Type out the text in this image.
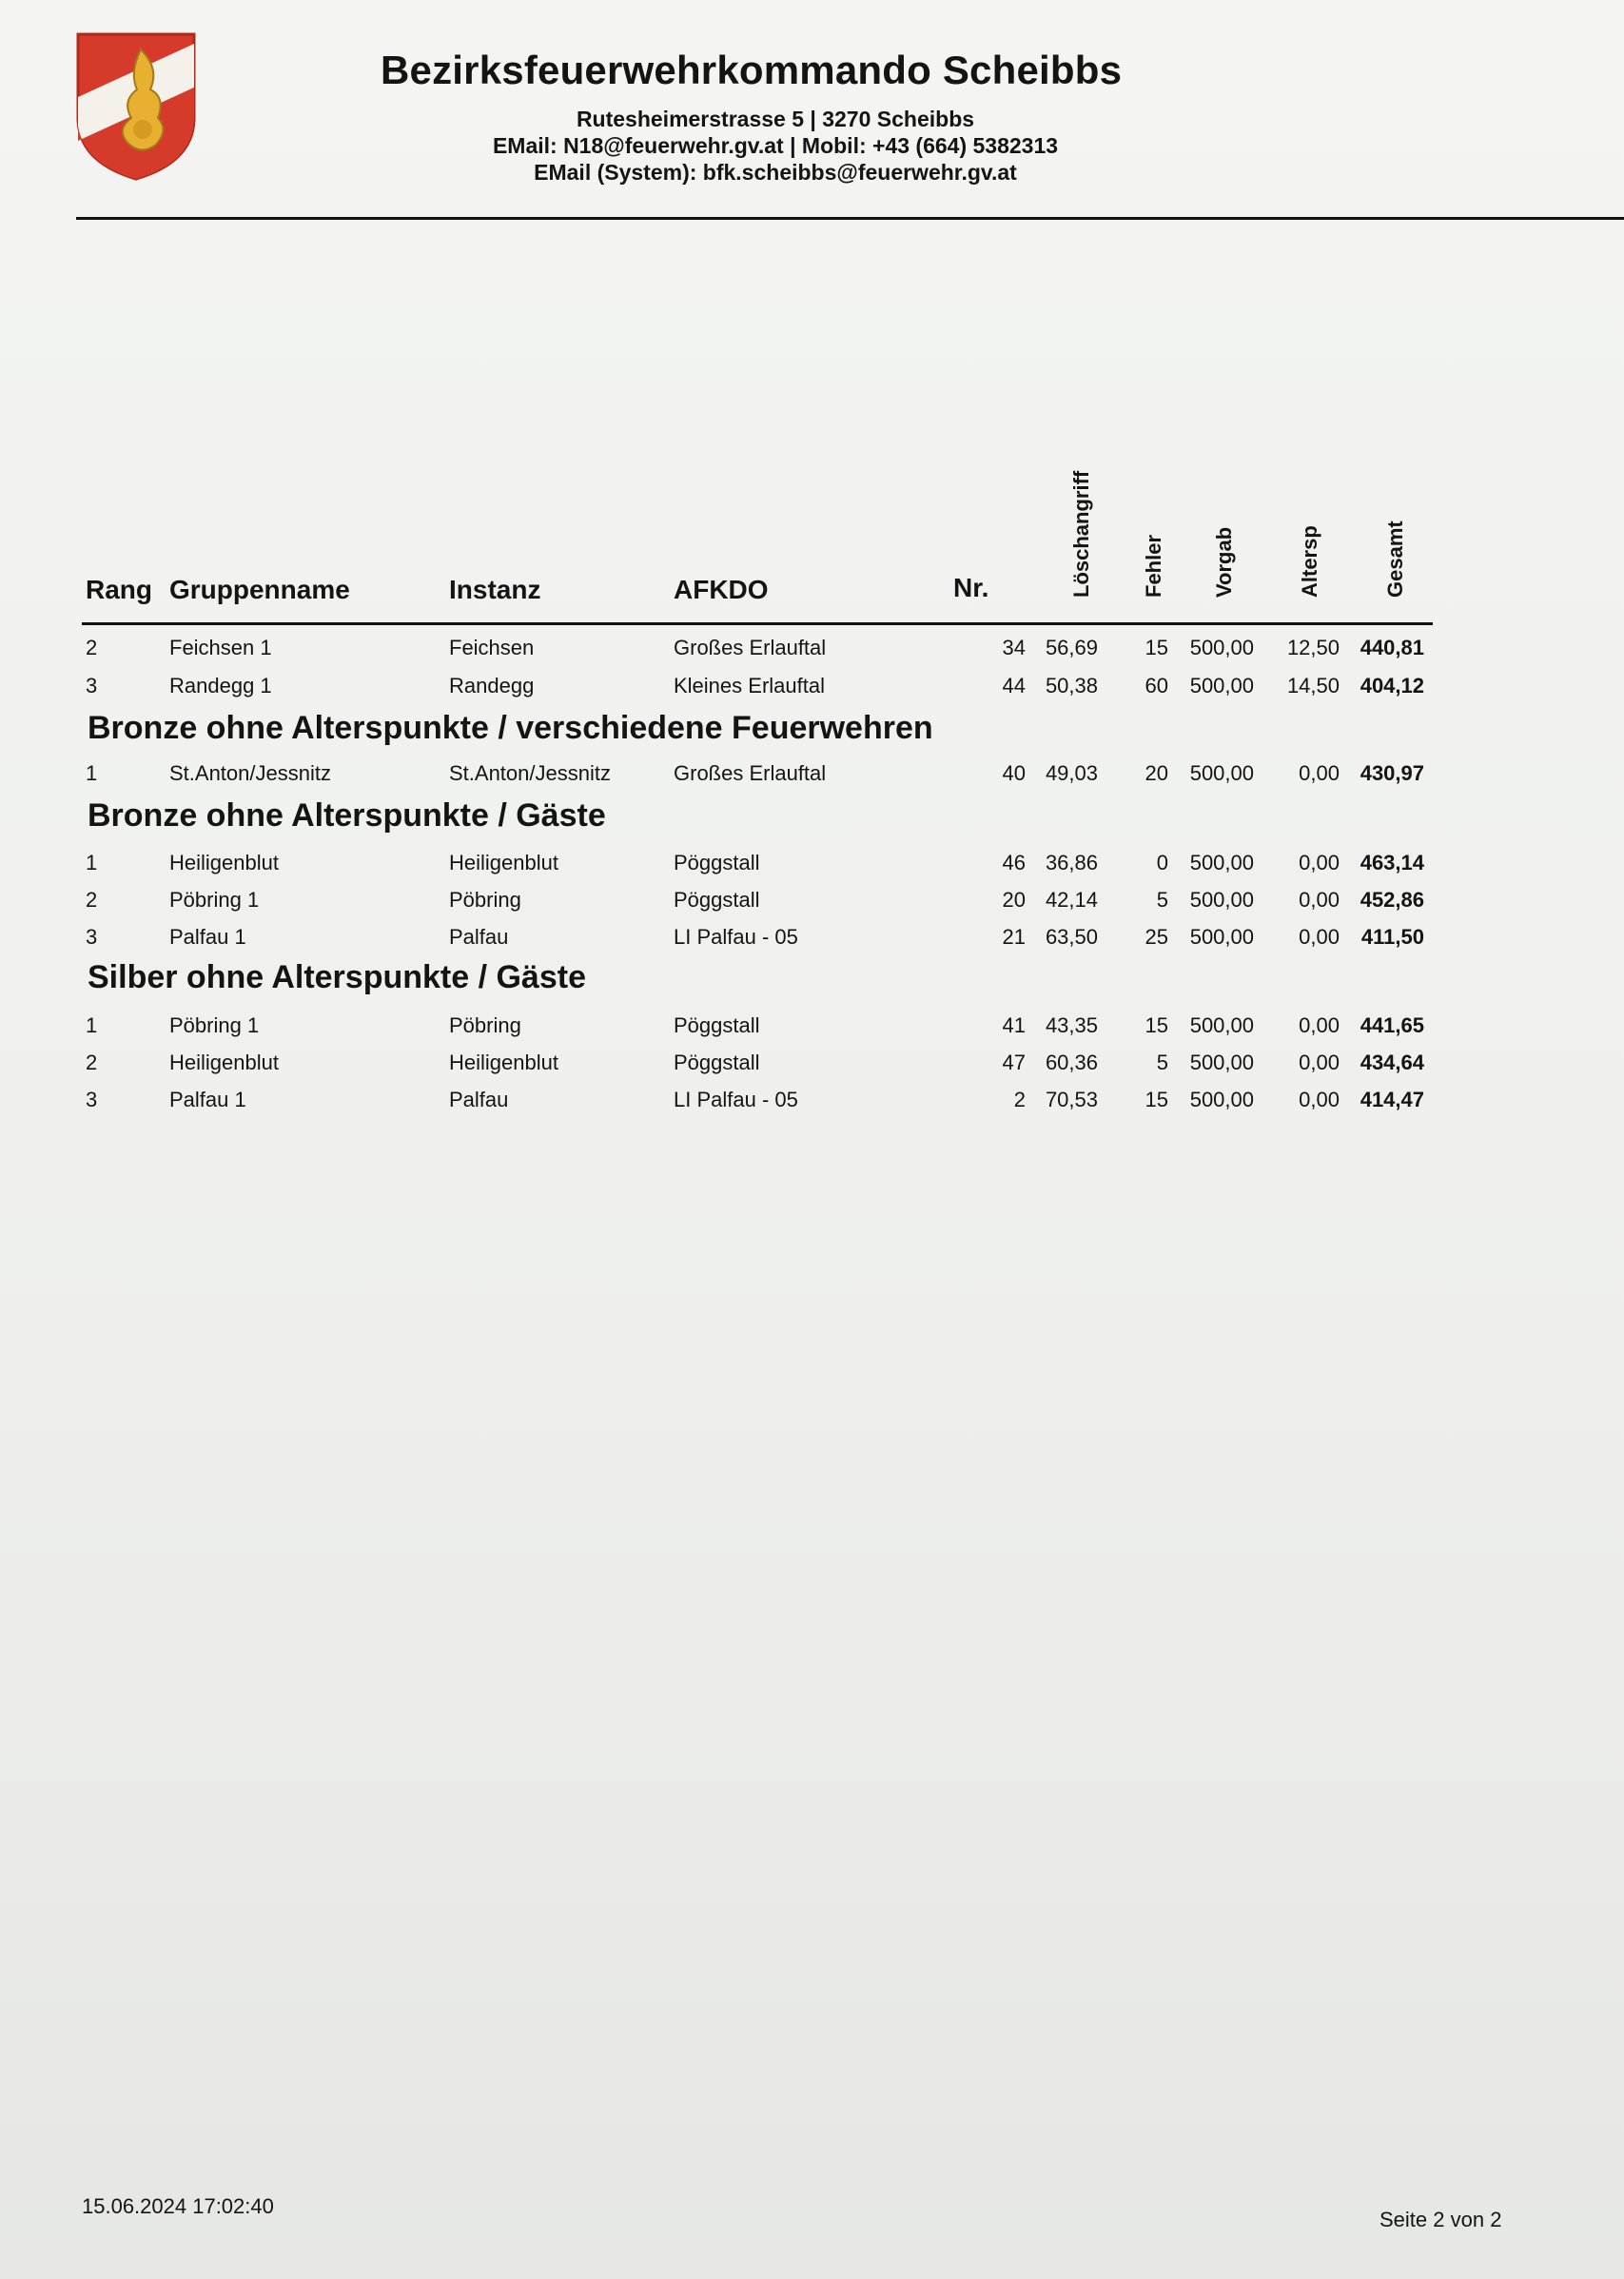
Bezirksfeuerwehrkommando Scheibbs
Rutesheimerstrasse 5 | 3270 Scheibbs
EMail: N18@feuerwehr.gv.at | Mobil: +43 (664) 5382313
EMail (System): bfk.scheibbs@feuerwehr.gv.at
Rang Gruppenname	Instanz	AFKDO	Nr.	Löschangriff Fehler Vorgab	Altersp	Gesamt
2	Feichsen 1	Feichsen	Großes Erlauftal	34 56,69 15 500,00 12,50 440,81
3	Randegg 1	Randegg	Kleines Erlauftal	44 50,38 60 500,00 14,50 404,12
Bronze ohne Alterspunkte / verschiedene Feuerwehren
1	St.Anton/Jessnitz	St.Anton/Jessnitz	Großes Erlauftal	40 49,03 20 500,00 0,00 430,97
Bronze ohne Alterspunkte / Gäste
1	Heiligenblut	Heiligenblut	Pöggstall	46 36,86	0 500,00 0,00 463,14
2	Pöbring 1	Pöbring	Pöggstall	20 42,14	5 500,00 0,00 452,86
3	Palfau 1	Palfau	LI Palfau - 05	21 63,50 25 500,00 0,00 411,50
Silber ohne Alterspunkte / Gäste
1	Pöbring 1	Pöbring	Pöggstall	41 43,35 15 500,00 0,00 441,65
2	Heiligenblut	Heiligenblut	Pöggstall	47 60,36	5 500,00 0,00 434,64
3	Palfau 1	Palfau	LI Palfau - 05	2 70,53 15 500,00 0,00 414,47
15.06.2024 17:02:40
Seite 2 von 2
